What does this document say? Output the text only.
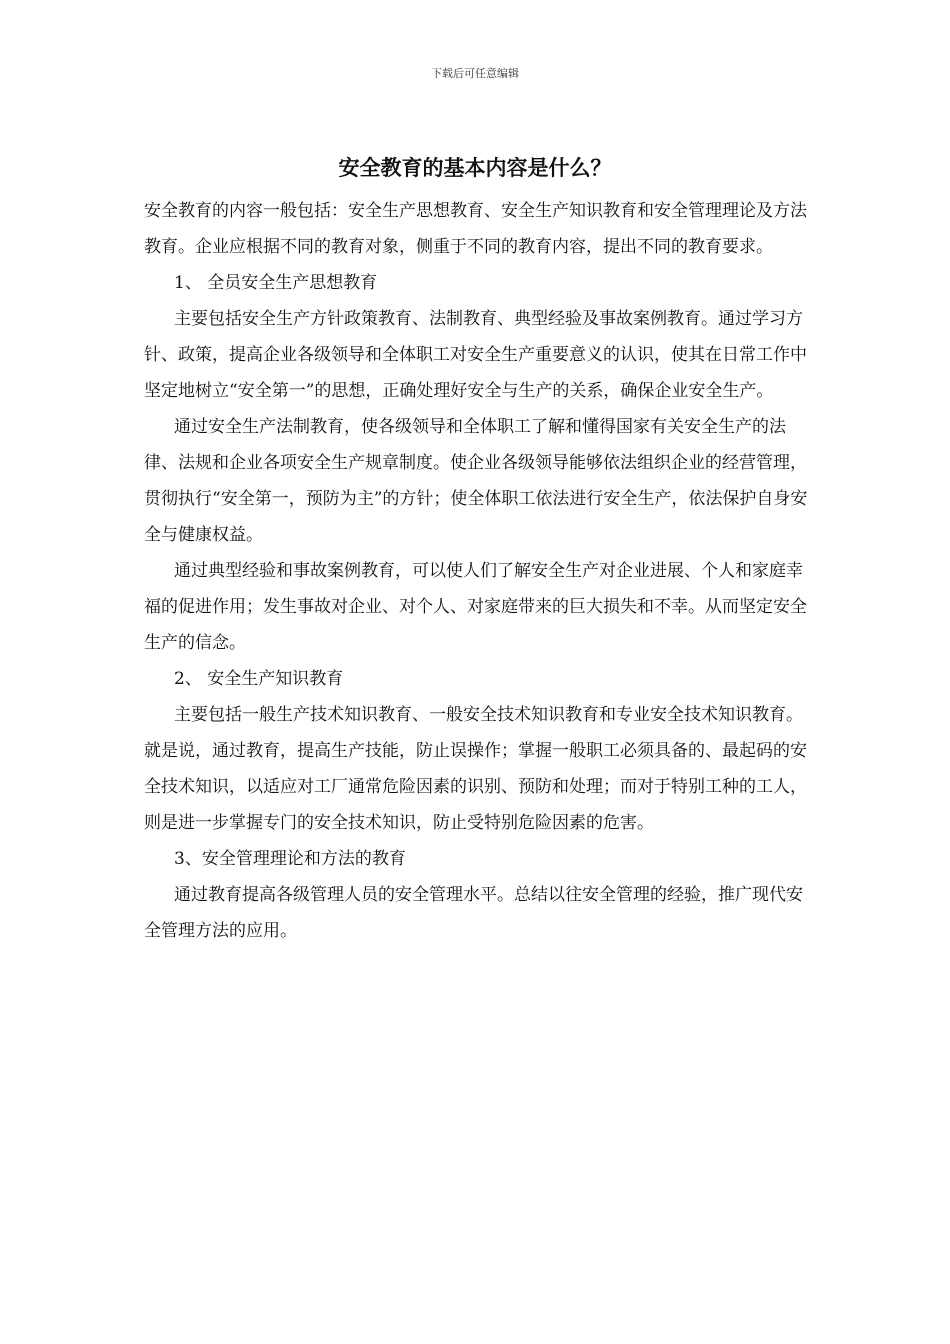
下载后可任意编辑
安全教育的基本内容是什么？

安全教育的内容一般包括：安全生产思想教育、安全生产知识教育和安全管理理论及方法教育。企业应根据不同的教育对象，侧重于不同的教育内容，提出不同的教育要求。

1、 全员安全生产思想教育

主要包括安全生产方针政策教育、法制教育、典型经验及事故案例教育。通过学习方针、政策，提高企业各级领导和全体职工对安全生产重要意义的认识，使其在日常工作中坚定地树立“安全第一”的思想，正确处理好安全与生产的关系，确保企业安全生产。

通过安全生产法制教育，使各级领导和全体职工了解和懂得国家有关安全生产的法律、法规和企业各项安全生产规章制度。使企业各级领导能够依法组织企业的经营管理，贯彻执行“安全第一，预防为主”的方针；使全体职工依法进行安全生产，依法保护自身安全与健康权益。

通过典型经验和事故案例教育，可以使人们了解安全生产对企业进展、个人和家庭幸福的促进作用；发生事故对企业、对个人、对家庭带来的巨大损失和不幸。从而坚定安全生产的信念。

2、 安全生产知识教育

主要包括一般生产技术知识教育、一般安全技术知识教育和专业安全技术知识教育。就是说，通过教育，提高生产技能，防止误操作；掌握一般职工必须具备的、最起码的安全技术知识，以适应对工厂通常危险因素的识别、预防和处理；而对于特别工种的工人，则是进一步掌握专门的安全技术知识，防止受特别危险因素的危害。

3、安全管理理论和方法的教育

通过教育提高各级管理人员的安全管理水平。总结以往安全管理的经验，推广现代安全管理方法的应用。
